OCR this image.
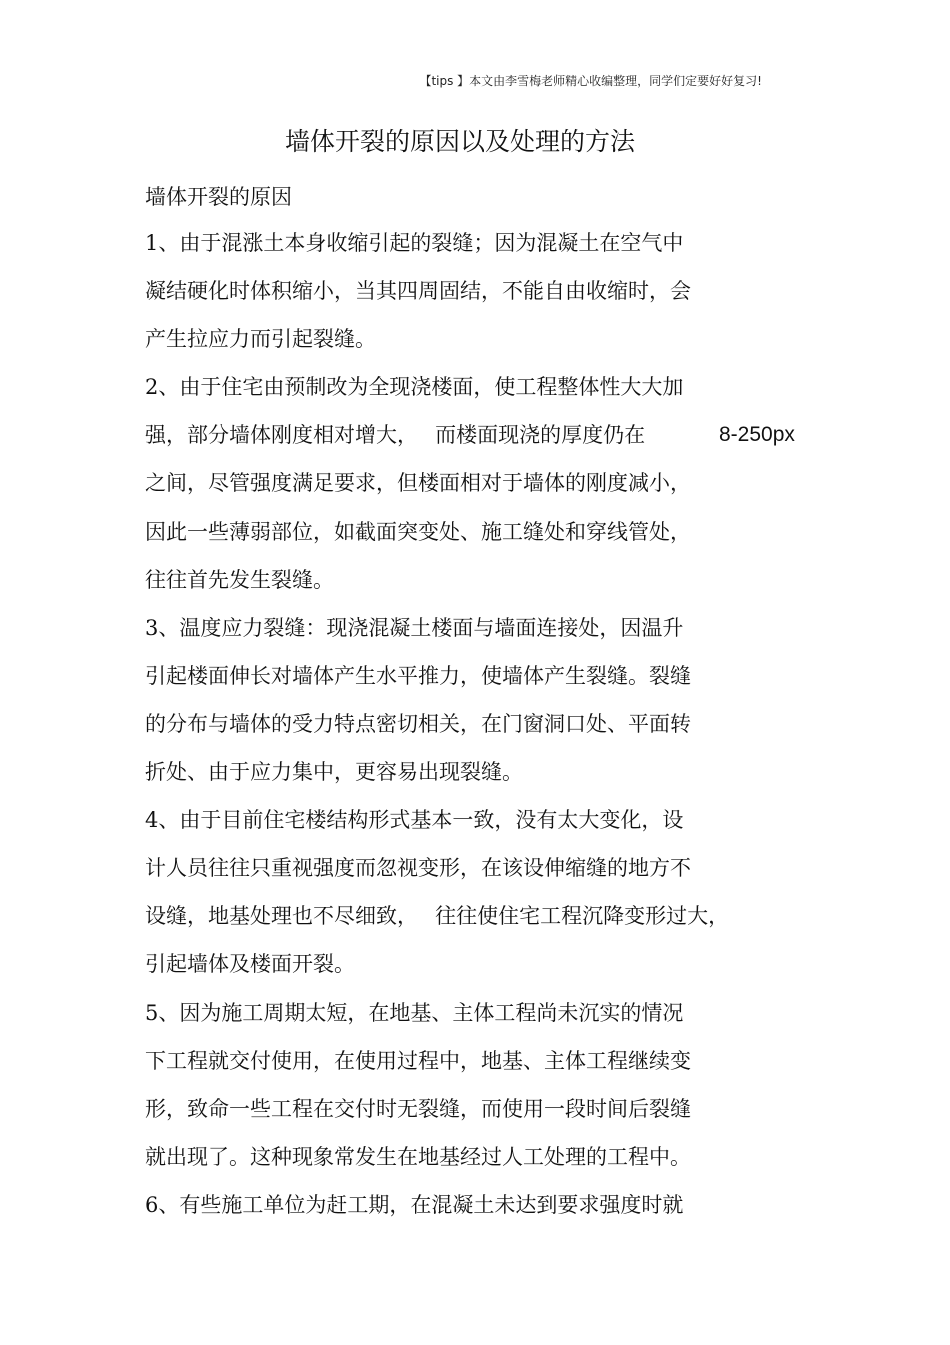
【tips 】本文由李雪梅老师精心收编整理，同学们定要好好复习!
墙体开裂的原因以及处理的方法
墙体开裂的原因
1、由于混涨土本身收缩引起的裂缝；因为混凝土在空气中
凝结硬化时体积缩小，当其四周固结，不能自由收缩时，会
产生拉应力而引起裂缝。
2、由于住宅由预制改为全现浇楼面，使工程整体性大大加
强，部分墙体刚度相对增大，　 而楼面现浇的厚度仍在	8-250px
之间，尽管强度满足要求，但楼面相对于墙体的刚度减小，
因此一些薄弱部位，如截面突变处、施工缝处和穿线管处，
往往首先发生裂缝。
3、温度应力裂缝：现浇混凝土楼面与墙面连接处，因温升
引起楼面伸长对墙体产生水平推力，使墙体产生裂缝。裂缝
的分布与墙体的受力特点密切相关，在门窗洞口处、平面转
折处、由于应力集中，更容易出现裂缝。
4、由于目前住宅楼结构形式基本一致，没有太大变化，设
计人员往往只重视强度而忽视变形，在该设伸缩缝的地方不
设缝，地基处理也不尽细致，　 往往使住宅工程沉降变形过大，
引起墙体及楼面开裂。
5、因为施工周期太短，在地基、主体工程尚未沉实的情况
下工程就交付使用，在使用过程中，地基、主体工程继续变
形，致命一些工程在交付时无裂缝，而使用一段时间后裂缝
就出现了。这种现象常发生在地基经过人工处理的工程中。
6、有些施工单位为赶工期，在混凝土未达到要求强度时就
